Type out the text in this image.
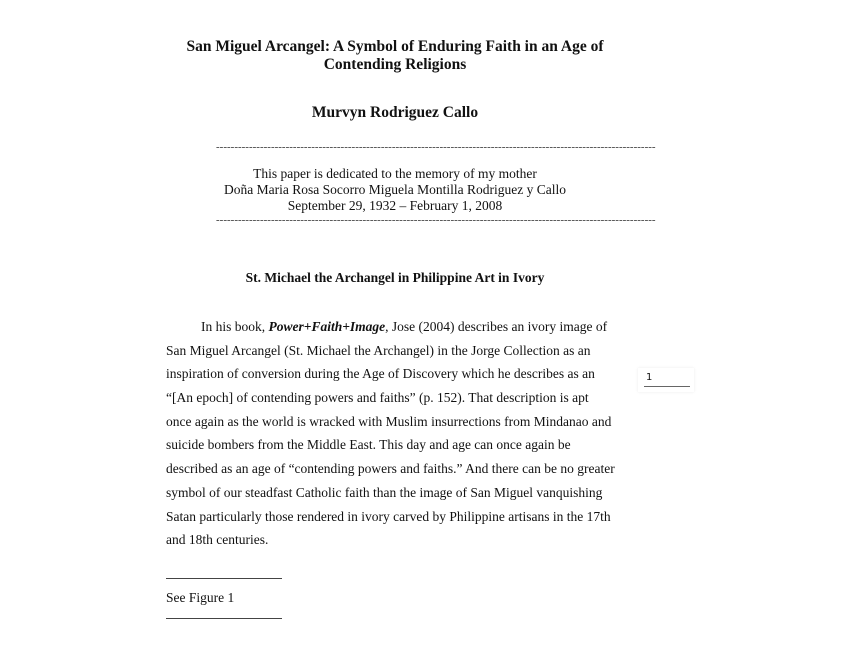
San Miguel Arcangel: A Symbol of Enduring Faith in an Age of
Contending Religions
Murvyn Rodriguez Callo
------------------------------------------------------------------------------------------------------------------------
This paper is dedicated to the memory of my mother
Doña Maria Rosa Socorro Miguela Montilla Rodriguez y Callo
September 29, 1932 – February 1, 2008
------------------------------------------------------------------------------------------------------------------------
St. Michael the Archangel in Philippine Art in Ivory
In his book, Power+Faith+Image, Jose (2004) describes an ivory image of
San Miguel Arcangel (St. Michael the Archangel) in the Jorge Collection as an
inspiration of conversion during the Age of Discovery which he describes as an
“[An epoch] of contending powers and faiths” (p. 152). That description is apt
once again as the world is wracked with Muslim insurrections from Mindanao and
suicide bombers from the Middle East. This day and age can once again be
described as an age of “contending powers and faiths.” And there can be no greater
symbol of our steadfast Catholic faith than the image of San Miguel vanquishing
Satan particularly those rendered in ivory carved by Philippine artisans in the 17th
and 18th centuries.
1
See Figure 1
